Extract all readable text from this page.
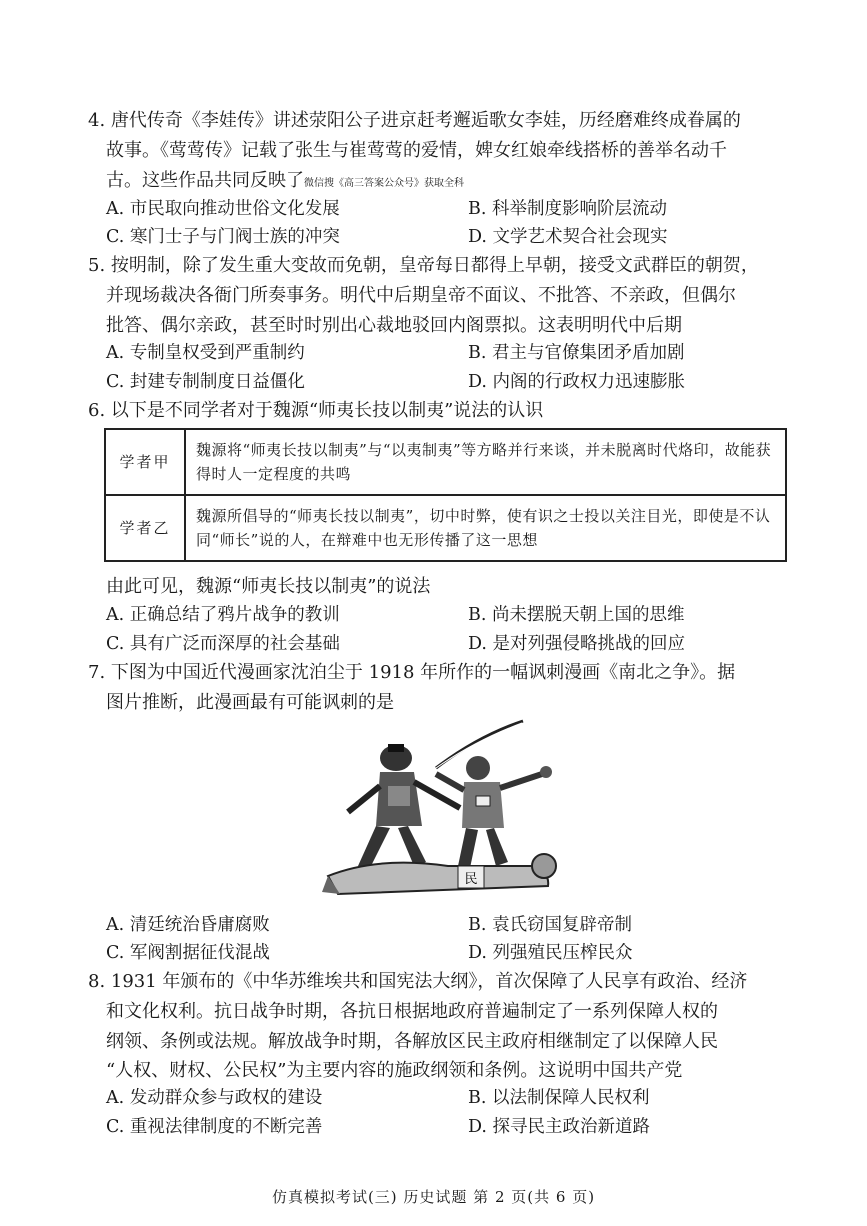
4. 唐代传奇《李娃传》讲述荥阳公子进京赶考邂逅歌女李娃，历经磨难终成眷属的
故事。《莺莺传》记载了张生与崔莺莺的爱情，婢女红娘牵线搭桥的善举名动千
古。这些作品共同反映了微信搜《高三答案公众号》获取全科
A. 市民取向推动世俗文化发展	B. 科举制度影响阶层流动
C. 寒门士子与门阀士族的冲突	D. 文学艺术契合社会现实
5. 按明制，除了发生重大变故而免朝，皇帝每日都得上早朝，接受文武群臣的朝贺，
并现场裁决各衙门所奏事务。明代中后期皇帝不面议、不批答、不亲政，但偶尔
批答、偶尔亲政，甚至时时别出心裁地驳回内阁票拟。这表明明代中后期
A. 专制皇权受到严重制约	B. 君主与官僚集团矛盾加剧
C. 封建专制制度日益僵化	D. 内阁的行政权力迅速膨胀
6. 以下是不同学者对于魏源“师夷长技以制夷”说法的认识
学者甲	魏源将“师夷长技以制夷”与“以夷制夷”等方略并行来谈，并未脱离时代烙印，故能获得时人一定程度的共鸣
学者乙	魏源所倡导的“师夷长技以制夷”，切中时弊，使有识之士投以关注目光，即使是不认同“师长”说的人，在辩难中也无形传播了这一思想
由此可见，魏源“师夷长技以制夷”的说法
A. 正确总结了鸦片战争的教训	B. 尚未摆脱天朝上国的思维
C. 具有广泛而深厚的社会基础	D. 是对列强侵略挑战的回应
7. 下图为中国近代漫画家沈泊尘于 1918 年所作的一幅讽刺漫画《南北之争》。据
图片推断，此漫画最有可能讽刺的是
民
A. 清廷统治昏庸腐败	B. 袁氏窃国复辟帝制
C. 军阀割据征伐混战	D. 列强殖民压榨民众
8. 1931 年颁布的《中华苏维埃共和国宪法大纲》，首次保障了人民享有政治、经济
和文化权利。抗日战争时期，各抗日根据地政府普遍制定了一系列保障人权的
纲领、条例或法规。解放战争时期，各解放区民主政府相继制定了以保障人民
“人权、财权、公民权”为主要内容的施政纲领和条例。这说明中国共产党
A. 发动群众参与政权的建设	B. 以法制保障人民权利
C. 重视法律制度的不断完善	D. 探寻民主政治新道路
仿真模拟考试(三) 历史试题 第 2 页(共 6 页)
